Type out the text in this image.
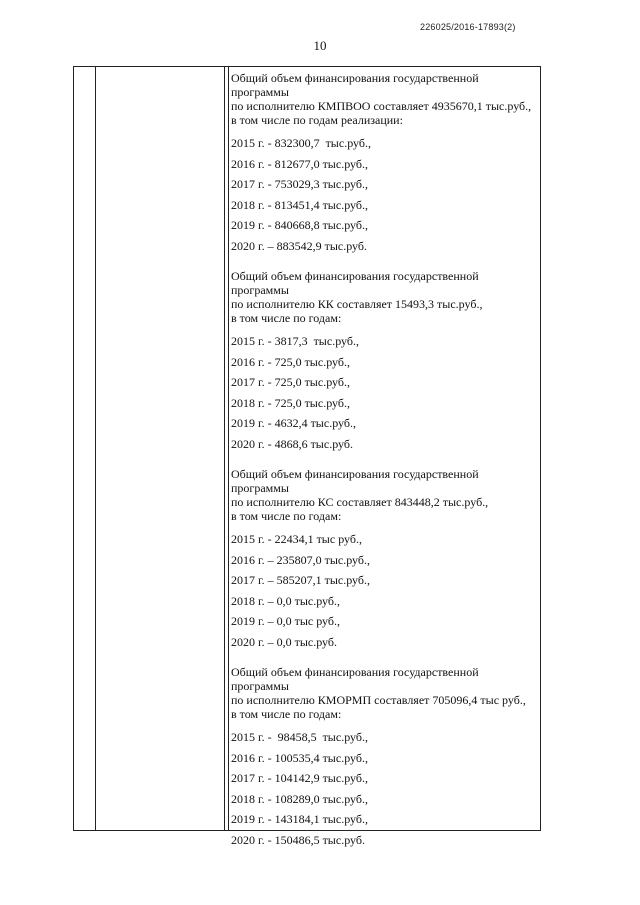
226025/2016-17893(2)
10

Общий объем финансирования государственной программы
по исполнителю КМПВОО составляет 4935670,1 тыс.руб.,
в том числе по годам реализации:

2015 г. - 832300,7  тыс.руб.,
2016 г. - 812677,0 тыс.руб.,
2017 г. - 753029,3 тыс.руб.,
2018 г. - 813451,4 тыс.руб.,
2019 г. - 840668,8 тыс.руб.,
2020 г. – 883542,9 тыс.руб.

Общий объем финансирования государственной программы
по исполнителю КК составляет 15493,3 тыс.руб.,
в том числе по годам:

2015 г. - 3817,3  тыс.руб.,
2016 г. - 725,0 тыс.руб.,
2017 г. - 725,0 тыс.руб.,
2018 г. - 725,0 тыс.руб.,
2019 г. - 4632,4 тыс.руб.,
2020 г. - 4868,6 тыс.руб.

Общий объем финансирования государственной программы
по исполнителю КС составляет 843448,2 тыс.руб.,
в том числе по годам:

2015 г. - 22434,1 тыс руб.,
2016 г. – 235807,0 тыс.руб.,
2017 г. – 585207,1 тыс.руб.,
2018 г. – 0,0 тыс.руб.,
2019 г. – 0,0 тыс руб.,
2020 г. – 0,0 тыс.руб.

Общий объем финансирования государственной программы
по исполнителю КМОРМП составляет 705096,4 тыс руб.,
в том числе по годам:

2015 г. -  98458,5  тыс.руб.,
2016 г. - 100535,4 тыс.руб.,
2017 г. - 104142,9 тыс.руб.,
2018 г. - 108289,0 тыс.руб.,
2019 г. - 143184,1 тыс.руб.,
2020 г. - 150486,5 тыс.руб.
